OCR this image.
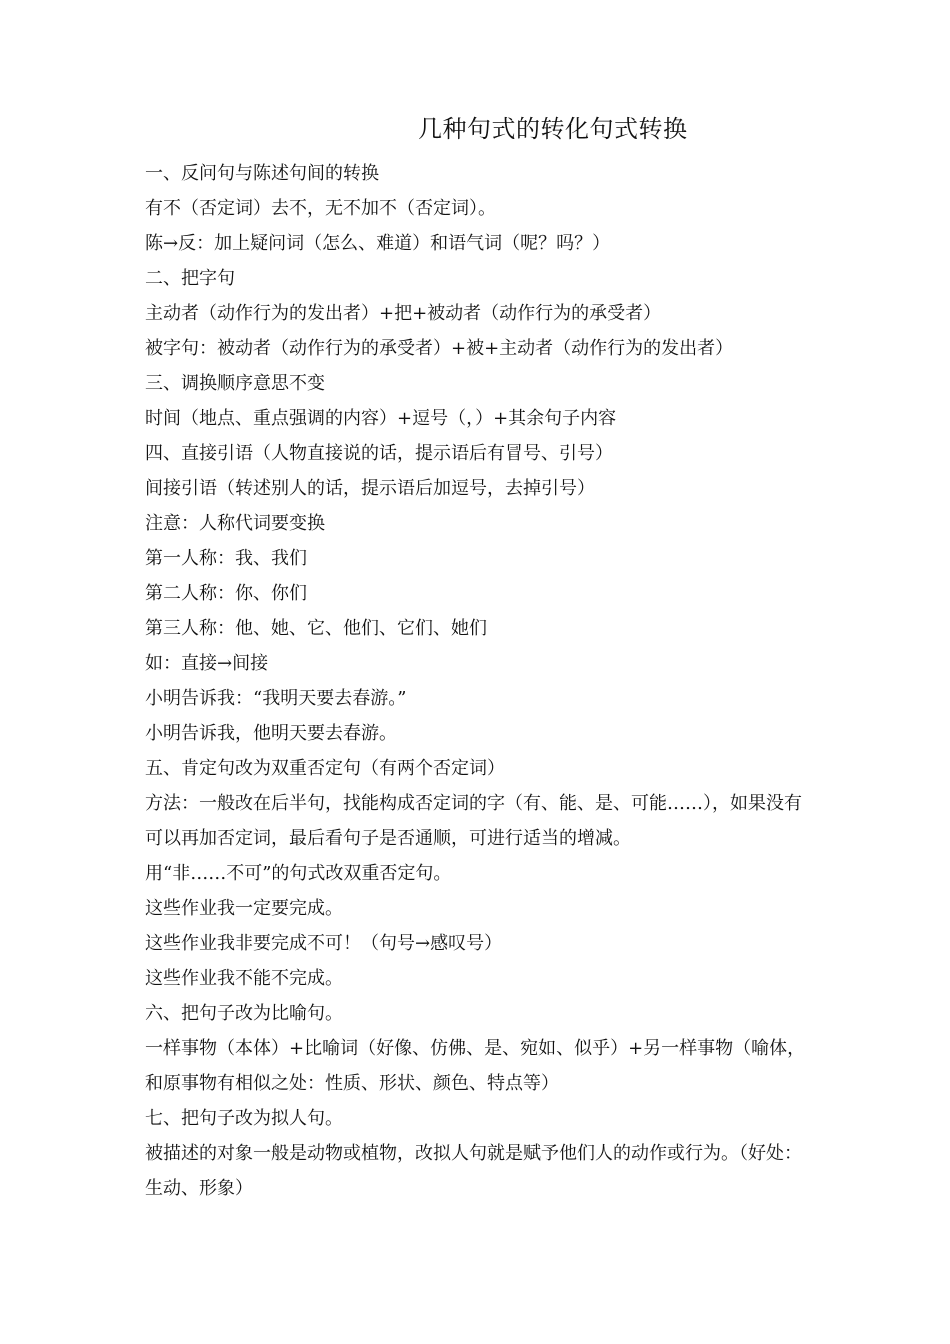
几种句式的转化句式转换

一、反问句与陈述句间的转换

有不（否定词）去不，无不加不（否定词）。

陈→反：加上疑问词（怎么、难道）和语气词（呢？吗？）

二、把字句

主动者（动作行为的发出者）+把+被动者（动作行为的承受者）

被字句：被动者（动作行为的承受者）+被+主动者（动作行为的发出者）

三、调换顺序意思不变

时间（地点、重点强调的内容）+逗号（，）+其余句子内容

四、直接引语（人物直接说的话，提示语后有冒号、引号）

间接引语（转述别人的话，提示语后加逗号，去掉引号）

注意：人称代词要变换

第一人称：我、我们

第二人称：你、你们

第三人称：他、她、它、他们、它们、她们

如：直接→间接

小明告诉我：“我明天要去春游。”

小明告诉我，他明天要去春游。

五、肯定句改为双重否定句（有两个否定词）

方法：一般改在后半句，找能构成否定词的字（有、能、是、可能……），如果没有可以再加否定词，最后看句子是否通顺，可进行适当的增减。

用“非……不可”的句式改双重否定句。

这些作业我一定要完成。

这些作业我非要完成不可！（句号→感叹号）

这些作业我不能不完成。

六、把句子改为比喻句。

一样事物（本体）+比喻词（好像、仿佛、是、宛如、似乎）+另一样事物（喻体，和原事物有相似之处：性质、形状、颜色、特点等）

七、把句子改为拟人句。

被描述的对象一般是动物或植物，改拟人句就是赋予他们人的动作或行为。（好处：生动、形象）
